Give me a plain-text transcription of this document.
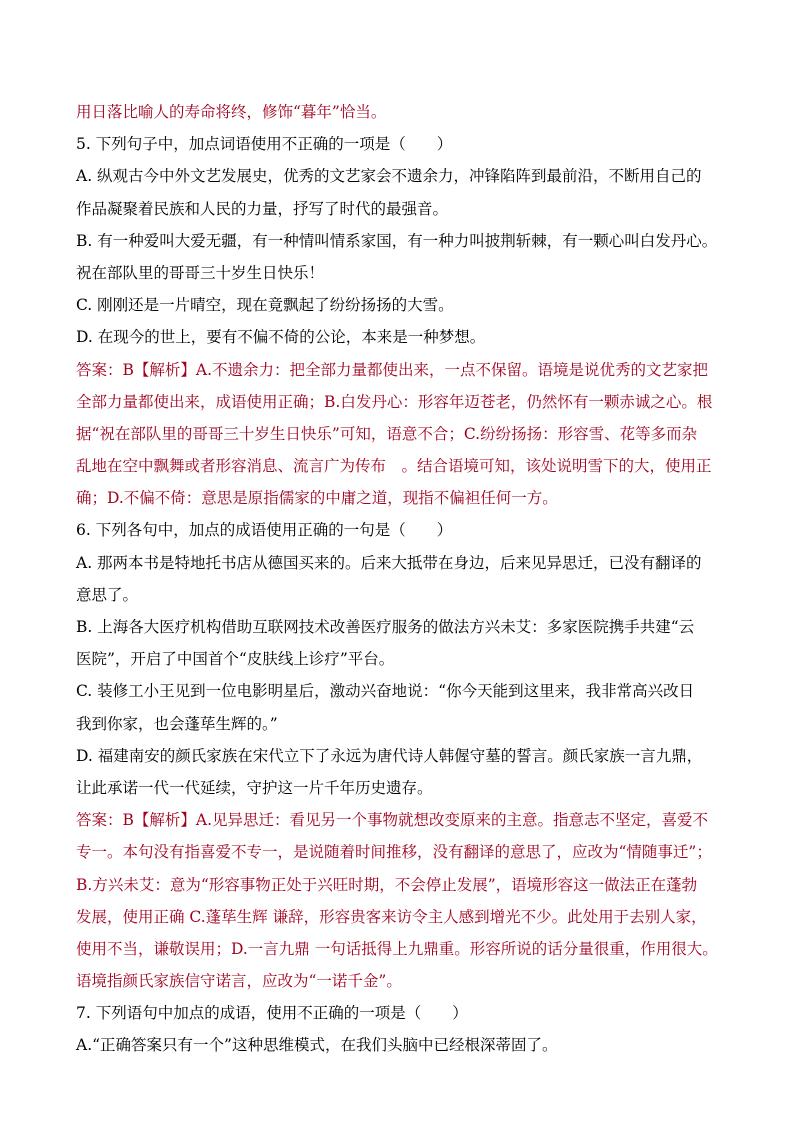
用日落比喻人的寿命将终，修饰“暮年”恰当。
5. 下列句子中，加点词语使用不正确的一项是（　　）
A. 纵观古今中外文艺发展史，优秀的文艺家会不遗余力，冲锋陷阵到最前沿，不断用自己的
作品凝聚着民族和人民的力量，抒写了时代的最强音。
B. 有一种爱叫大爱无疆，有一种情叫情系家国，有一种力叫披荆斩棘，有一颗心叫白发丹心。
祝在部队里的哥哥三十岁生日快乐！
C. 刚刚还是一片晴空，现在竟飘起了纷纷扬扬的大雪。
D. 在现今的世上，要有不偏不倚的公论，本来是一种梦想。
答案：B【解析】A.不遗余力：把全部力量都使出来，一点不保留。语境是说优秀的文艺家把
全部力量都使出来，成语使用正确；B.白发丹心：形容年迈苍老，仍然怀有一颗赤诚之心。根
据“祝在部队里的哥哥三十岁生日快乐”可知，语意不合；C.纷纷扬扬：形容雪、花等多而杂
乱地在空中飘舞或者形容消息、流言广为传布　。结合语境可知，该处说明雪下的大，使用正
确；D.不偏不倚：意思是原指儒家的中庸之道，现指不偏袒任何一方。
6. 下列各句中，加点的成语使用正确的一句是（　　）
A. 那两本书是特地托书店从德国买来的。后来大抵带在身边，后来见异思迁，已没有翻译的
意思了。
B. 上海各大医疗机构借助互联网技术改善医疗服务的做法方兴未艾：多家医院携手共建“云
医院”，开启了中国首个“皮肤线上诊疗”平台。
C. 装修工小王见到一位电影明星后，激动兴奋地说：“你今天能到这里来，我非常高兴改日
我到你家，也会蓬荜生辉的。”
D. 福建南安的颜氏家族在宋代立下了永远为唐代诗人韩偓守墓的誓言。颜氏家族一言九鼎，
让此承诺一代一代延续，守护这一片千年历史遗存。
答案：B【解析】A.见异思迁：看见另一个事物就想改变原来的主意。指意志不坚定，喜爱不
专一。本句没有指喜爱不专一，是说随着时间推移，没有翻译的意思了，应改为“情随事迁”；
B.方兴未艾：意为“形容事物正处于兴旺时期，不会停止发展”，语境形容这一做法正在蓬勃
发展，使用正确 C.蓬荜生辉 谦辞，形容贵客来访令主人感到增光不少。此处用于去别人家，
使用不当，谦敬误用；D.一言九鼎 一句话抵得上九鼎重。形容所说的话分量很重，作用很大。
语境指颜氏家族信守诺言，应改为“一诺千金”。
7. 下列语句中加点的成语，使用不正确的一项是（　　）
A.“正确答案只有一个”这种思维模式，在我们头脑中已经根深蒂固了。
